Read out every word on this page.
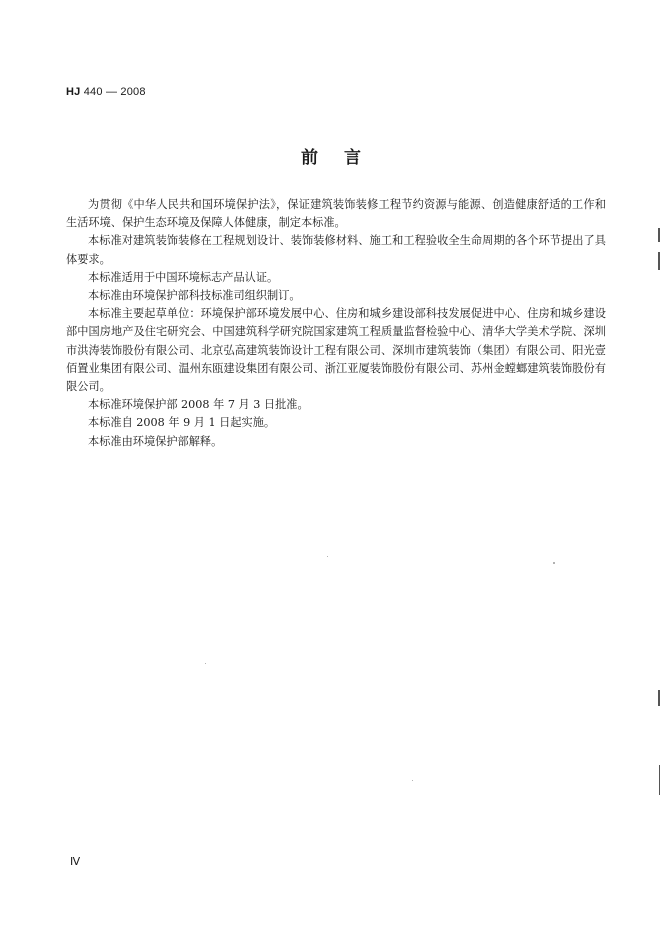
HJ 440 — 2008
前言

为贯彻《中华人民共和国环境保护法》，保证建筑装饰装修工程节约资源与能源、创造健康舒适的工作和生活环境、保护生态环境及保障人体健康，制定本标准。

本标准对建筑装饰装修在工程规划设计、装饰装修材料、施工和工程验收全生命周期的各个环节提出了具体要求。

本标准适用于中国环境标志产品认证。

本标准由环境保护部科技标准司组织制订。

本标准主要起草单位：环境保护部环境发展中心、住房和城乡建设部科技发展促进中心、住房和城乡建设部中国房地产及住宅研究会、中国建筑科学研究院国家建筑工程质量监督检验中心、清华大学美术学院、深圳市洪涛装饰股份有限公司、北京弘高建筑装饰设计工程有限公司、深圳市建筑装饰（集团）有限公司、阳光壹佰置业集团有限公司、温州东瓯建设集团有限公司、浙江亚厦装饰股份有限公司、苏州金螳螂建筑装饰股份有限公司。

本标准环境保护部 2008 年 7 月 3 日批准。

本标准自 2008 年 9 月 1 日起实施。

本标准由环境保护部解释。

Ⅳ
